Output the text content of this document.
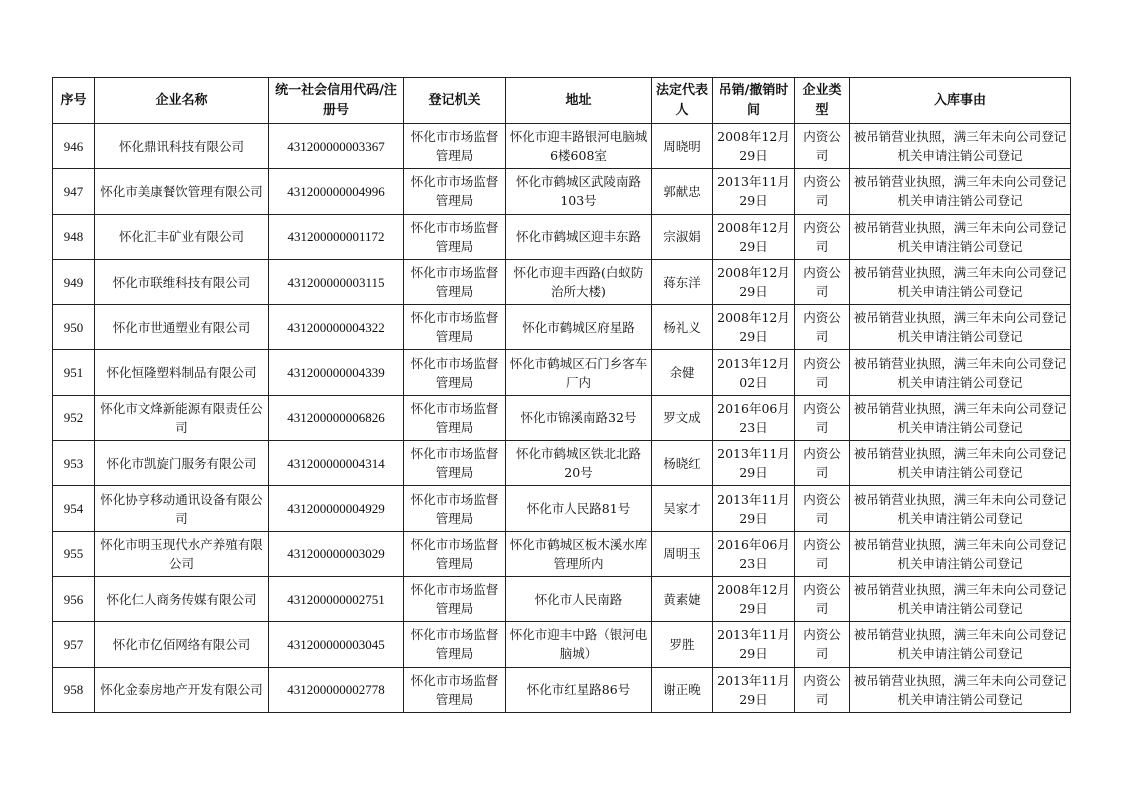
序号	企业名称	统一社会信用代码/注册号	登记机关	地址	法定代表人	吊销/撤销时间	企业类型	入库事由
946	怀化鼎讯科技有限公司	431200000003367	怀化市市场监督管理局	怀化市迎丰路银河电脑城6楼608室	周晓明	2008年12月29日	内资公司	被吊销营业执照，满三年未向公司登记机关申请注销公司登记
947	怀化市美康餐饮管理有限公司	431200000004996	怀化市市场监督管理局	怀化市鹤城区武陵南路103号	郭献忠	2013年11月29日	内资公司	被吊销营业执照，满三年未向公司登记机关申请注销公司登记
948	怀化汇丰矿业有限公司	431200000001172	怀化市市场监督管理局	怀化市鹤城区迎丰东路	宗淑娟	2008年12月29日	内资公司	被吊销营业执照，满三年未向公司登记机关申请注销公司登记
949	怀化市联维科技有限公司	431200000003115	怀化市市场监督管理局	怀化市迎丰西路(白蚁防治所大楼)	蒋东洋	2008年12月29日	内资公司	被吊销营业执照，满三年未向公司登记机关申请注销公司登记
950	怀化市世通塑业有限公司	431200000004322	怀化市市场监督管理局	怀化市鹤城区府星路	杨礼义	2008年12月29日	内资公司	被吊销营业执照，满三年未向公司登记机关申请注销公司登记
951	怀化恒隆塑料制品有限公司	431200000004339	怀化市市场监督管理局	怀化市鹤城区石门乡客车厂内	余健	2013年12月02日	内资公司	被吊销营业执照，满三年未向公司登记机关申请注销公司登记
952	怀化市文烽新能源有限责任公司	431200000006826	怀化市市场监督管理局	怀化市锦溪南路32号	罗文成	2016年06月23日	内资公司	被吊销营业执照，满三年未向公司登记机关申请注销公司登记
953	怀化市凯旋门服务有限公司	431200000004314	怀化市市场监督管理局	怀化市鹤城区铁北北路20号	杨晓红	2013年11月29日	内资公司	被吊销营业执照，满三年未向公司登记机关申请注销公司登记
954	怀化协亨移动通讯设备有限公司	431200000004929	怀化市市场监督管理局	怀化市人民路81号	吴家才	2013年11月29日	内资公司	被吊销营业执照，满三年未向公司登记机关申请注销公司登记
955	怀化市明玉现代水产养殖有限公司	431200000003029	怀化市市场监督管理局	怀化市鹤城区板木溪水库管理所内	周明玉	2016年06月23日	内资公司	被吊销营业执照，满三年未向公司登记机关申请注销公司登记
956	怀化仁人商务传媒有限公司	431200000002751	怀化市市场监督管理局	怀化市人民南路	黄素婕	2008年12月29日	内资公司	被吊销营业执照，满三年未向公司登记机关申请注销公司登记
957	怀化市亿佰网络有限公司	431200000003045	怀化市市场监督管理局	怀化市迎丰中路（银河电脑城）	罗胜	2013年11月29日	内资公司	被吊销营业执照，满三年未向公司登记机关申请注销公司登记
958	怀化金泰房地产开发有限公司	431200000002778	怀化市市场监督管理局	怀化市红星路86号	谢正晚	2013年11月29日	内资公司	被吊销营业执照，满三年未向公司登记机关申请注销公司登记
